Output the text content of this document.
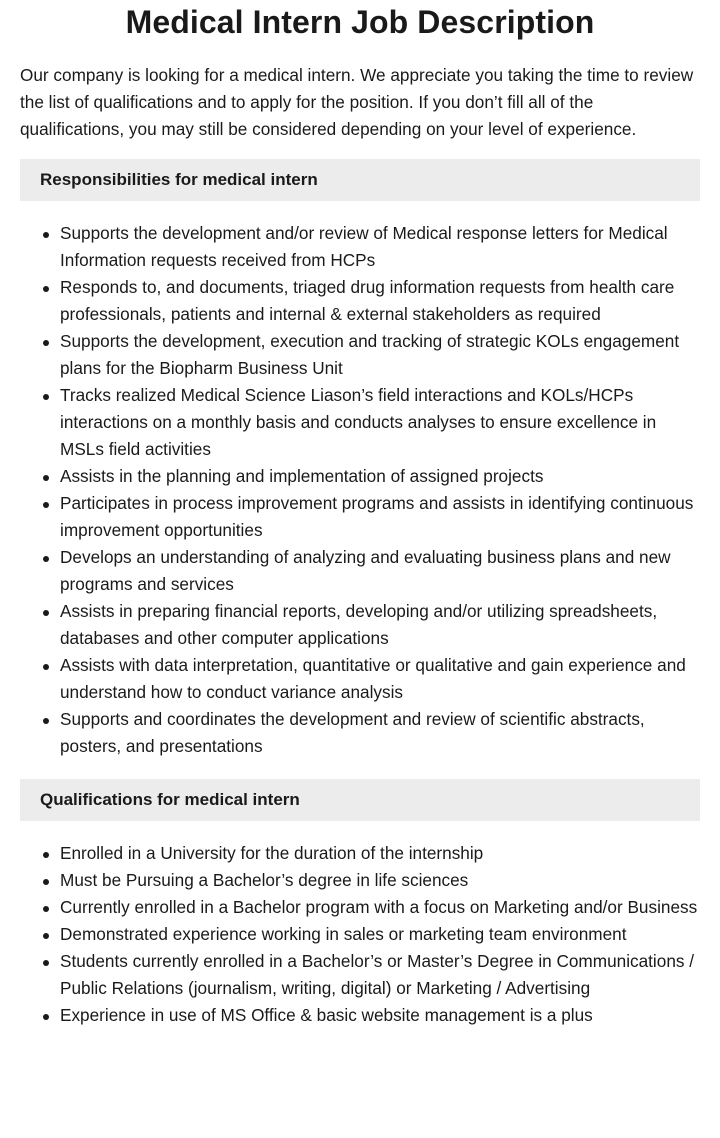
Medical Intern Job Description

Our company is looking for a medical intern. We appreciate you taking the time to review the list of qualifications and to apply for the position. If you don’t fill all of the qualifications, you may still be considered depending on your level of experience.

Responsibilities for medical intern
Supports the development and/or review of Medical response letters for Medical Information requests received from HCPs
Responds to, and documents, triaged drug information requests from health care professionals, patients and internal & external stakeholders as required
Supports the development, execution and tracking of strategic KOLs engagement plans for the Biopharm Business Unit
Tracks realized Medical Science Liason’s field interactions and KOLs/HCPs interactions on a monthly basis and conducts analyses to ensure excellence in MSLs field activities
Assists in the planning and implementation of assigned projects
Participates in process improvement programs and assists in identifying continuous improvement opportunities
Develops an understanding of analyzing and evaluating business plans and new programs and services
Assists in preparing financial reports, developing and/or utilizing spreadsheets, databases and other computer applications
Assists with data interpretation, quantitative or qualitative and gain experience and understand how to conduct variance analysis
Supports and coordinates the development and review of scientific abstracts, posters, and presentations
Qualifications for medical intern
Enrolled in a University for the duration of the internship
Must be Pursuing a Bachelor’s degree in life sciences
Currently enrolled in a Bachelor program with a focus on Marketing and/or Business
Demonstrated experience working in sales or marketing team environment
Students currently enrolled in a Bachelor’s or Master’s Degree in Communications / Public Relations (journalism, writing, digital) or Marketing / Advertising
Experience in use of MS Office & basic website management is a plus
